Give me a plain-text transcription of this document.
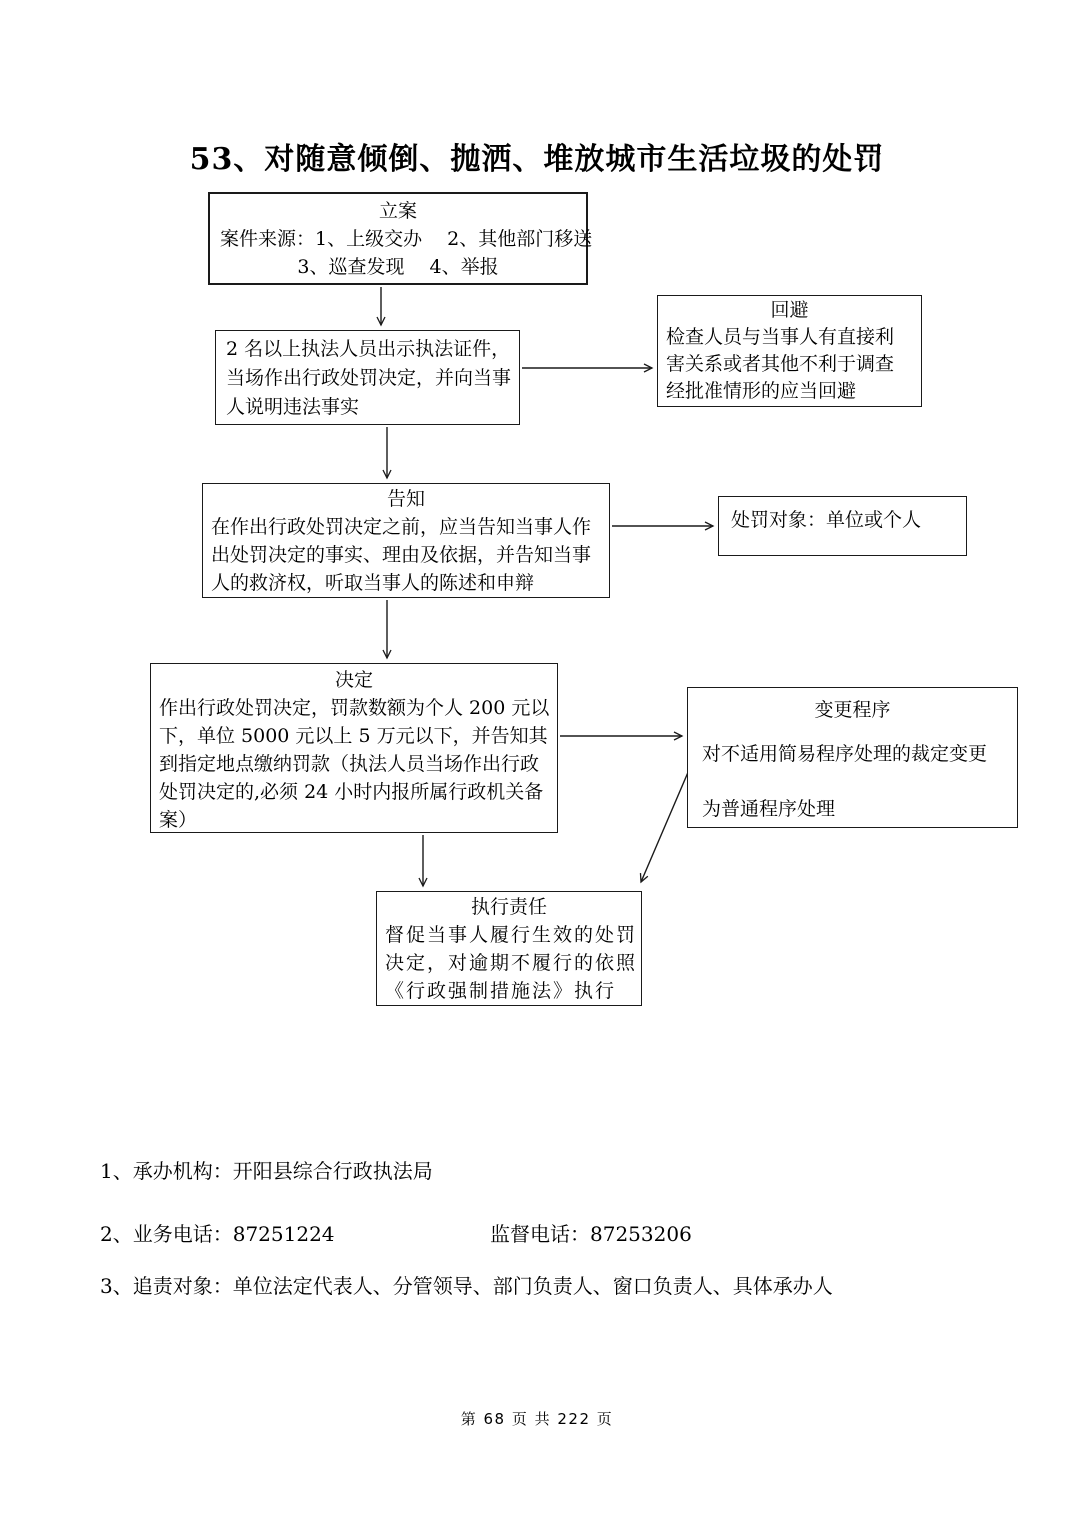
53、对随意倾倒、抛洒、堆放城市生活垃圾的处罚
立案
案件来源：1、上级交办　 2、其他部门移送
3、巡查发现　 4、举报
2 名以上执法人员出示执法证件，
当场作出行政处罚决定，并向当事
人说明违法事实
回避
检查人员与当事人有直接利
害关系或者其他不利于调查
经批准情形的应当回避
告知
在作出行政处罚决定之前，应当告知当事人作
出处罚决定的事实、理由及依据，并告知当事
人的救济权，听取当事人的陈述和申辩
处罚对象：单位或个人
决定
作出行政处罚决定，罚款数额为个人 200 元以
下，单位 5000 元以上 5 万元以下，并告知其
到指定地点缴纳罚款（执法人员当场作出行政
处罚决定的,必须 24 小时内报所属行政机关备
案）
变更程序
对不适用简易程序处理的裁定变更
为普通程序处理
执行责任
督促当事人履行生效的处罚
决定，对逾期不履行的依照
《行政强制措施法》执行
1、承办机构：开阳县综合行政执法局
2、业务电话：87251224	监督电话：87253206
3、追责对象：单位法定代表人、分管领导、部门负责人、窗口负责人、具体承办人
第 68 页 共 222 页
